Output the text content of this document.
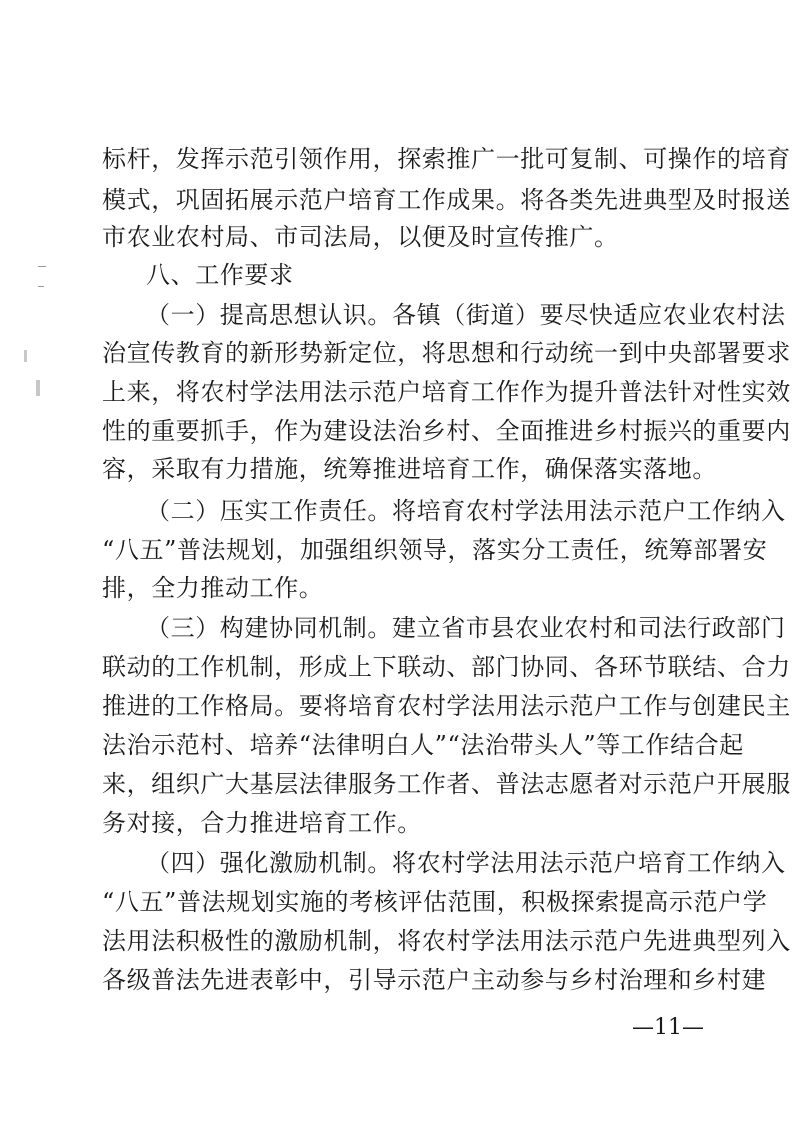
标杆，发挥示范引领作用，探索推广一批可复制、可操作的培育
模式，巩固拓展示范户培育工作成果。将各类先进典型及时报送
市农业农村局、市司法局，以便及时宣传推广。
八、工作要求
（一）提高思想认识。各镇（街道）要尽快适应农业农村法
治宣传教育的新形势新定位，将思想和行动统一到中央部署要求
上来，将农村学法用法示范户培育工作作为提升普法针对性实效
性的重要抓手，作为建设法治乡村、全面推进乡村振兴的重要内
容，采取有力措施，统筹推进培育工作，确保落实落地。
（二）压实工作责任。将培育农村学法用法示范户工作纳入
“八五”普法规划，加强组织领导，落实分工责任，统筹部署安
排，全力推动工作。
（三）构建协同机制。建立省市县农业农村和司法行政部门
联动的工作机制，形成上下联动、部门协同、各环节联结、合力
推进的工作格局。要将培育农村学法用法示范户工作与创建民主
法治示范村、培养“法律明白人”“法治带头人”等工作结合起
来，组织广大基层法律服务工作者、普法志愿者对示范户开展服
务对接，合力推进培育工作。
（四）强化激励机制。将农村学法用法示范户培育工作纳入
“八五”普法规划实施的考核评估范围，积极探索提高示范户学
法用法积极性的激励机制，将农村学法用法示范户先进典型列入
各级普法先进表彰中，引导示范户主动参与乡村治理和乡村建
—11—
